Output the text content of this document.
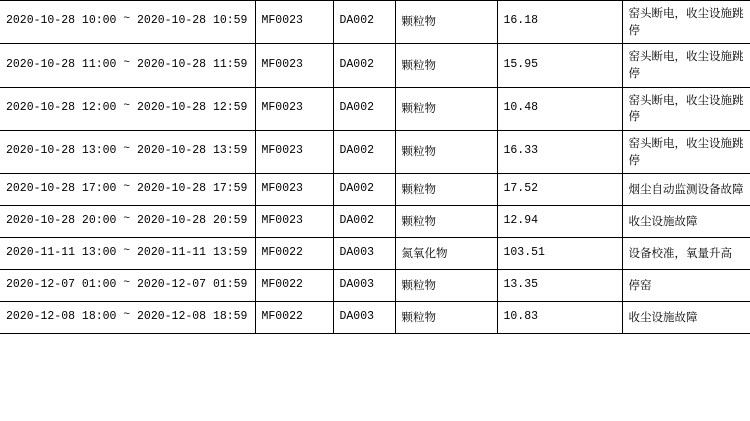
2020-10-28 10:00 ~ 2020-10-28 10:59	MF0023	DA002	颗粒物	16.18	窑头断电，收尘设施跳停
2020-10-28 11:00 ~ 2020-10-28 11:59	MF0023	DA002	颗粒物	15.95	窑头断电，收尘设施跳停
2020-10-28 12:00 ~ 2020-10-28 12:59	MF0023	DA002	颗粒物	10.48	窑头断电，收尘设施跳停
2020-10-28 13:00 ~ 2020-10-28 13:59	MF0023	DA002	颗粒物	16.33	窑头断电，收尘设施跳停
2020-10-28 17:00 ~ 2020-10-28 17:59	MF0023	DA002	颗粒物	17.52	烟尘自动监测设备故障
2020-10-28 20:00 ~ 2020-10-28 20:59	MF0023	DA002	颗粒物	12.94	收尘设施故障
2020-11-11 13:00 ~ 2020-11-11 13:59	MF0022	DA003	氮氧化物	103.51	设备校准，氧量升高
2020-12-07 01:00 ~ 2020-12-07 01:59	MF0022	DA003	颗粒物	13.35	停窑
2020-12-08 18:00 ~ 2020-12-08 18:59	MF0022	DA003	颗粒物	10.83	收尘设施故障
